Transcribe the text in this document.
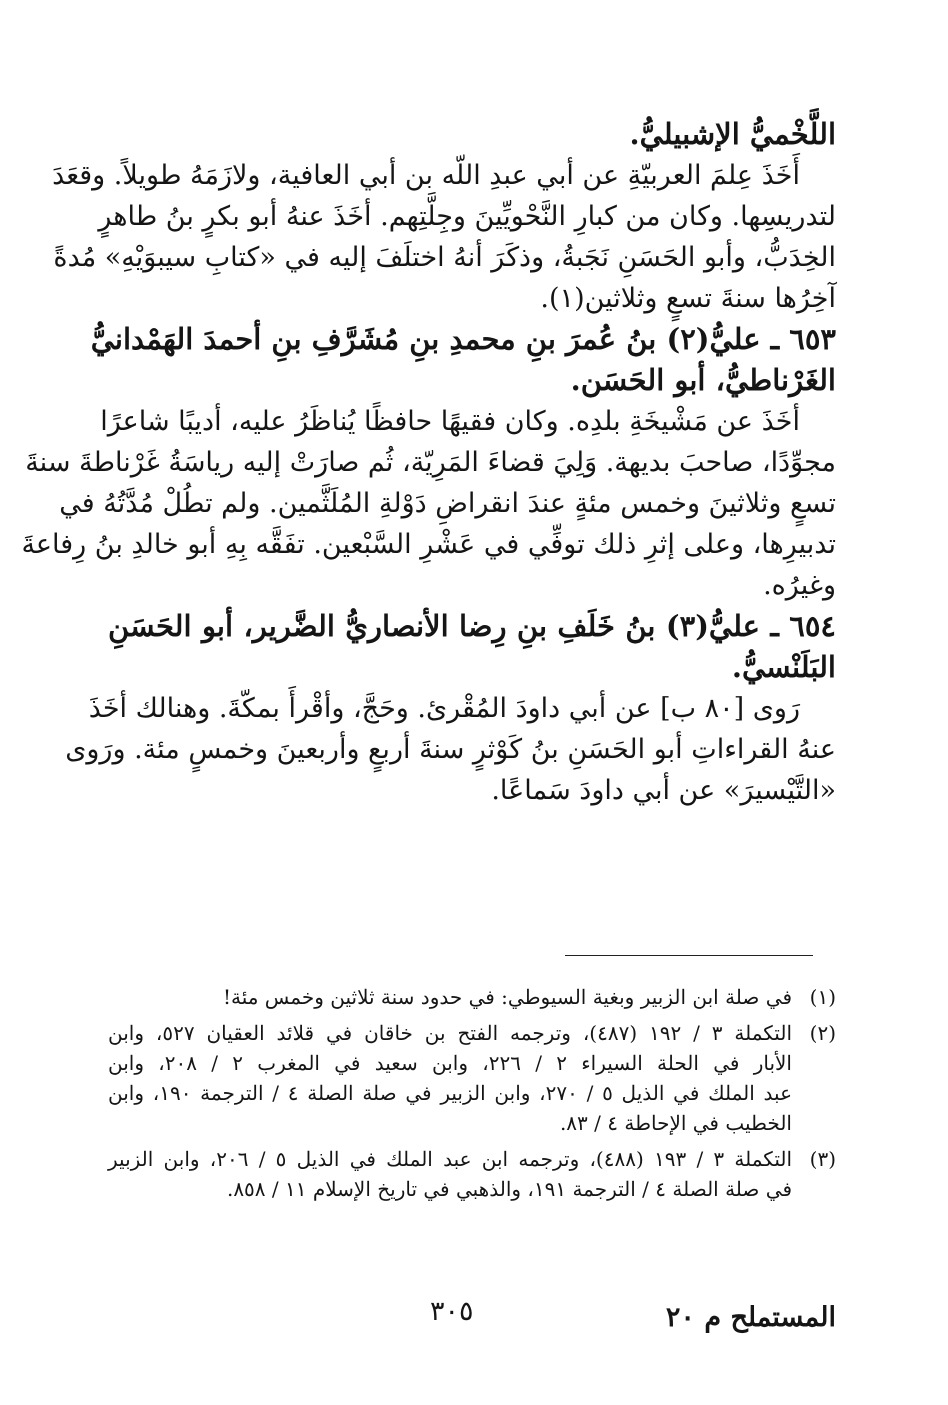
اللَّخْميُّ الإشبيليُّ.

أَخَذَ عِلمَ العربيّةِ عن أبي عبدِ اللّه بن أبي العافية، ولازَمَهُ طويلاً. وقعَدَ

لتدريسِها. وكان من كبارِ النَّحْويِّينَ وجِلَّتِهم. أخَذَ عنهُ أبو بكرٍ بنُ طاهرٍ

الخِدَبُّ، وأبو الحَسَنِ نَجَبةُ، وذكَرَ أنهُ اختلَفَ إليه في «كتابِ سيبوَيْهِ» مُدةً

آخِرُها سنةَ تسعٍ وثلاثين(١).

٦٥٣ ـ عليُّ(٢) بنُ عُمرَ بنِ محمدِ بنِ مُشَرَّفِ بنِ أحمدَ الهَمْدانيُّ

الغَرْناطيُّ، أبو الحَسَن.

أخَذَ عن مَشْيخَةِ بلدِه. وكان فقيهًا حافظًا يُناظَرُ عليه، أديبًا شاعرًا

مجوِّدًا، صاحبَ بديهة. وَلِيَ قضاءَ المَرِيّة، ثُم صارَتْ إليه رياسَةُ غَرْناطةَ سنةَ

تسعٍ وثلاثينَ وخمس مئةٍ عندَ انقراضِ دَوْلةِ المُلَثَّمين. ولم تطُلْ مُدَّتُهُ في

تدبيرِها، وعلى إثرِ ذلك توفِّي في عَشْرِ السَّبْعين. تفَقَّه بِهِ أبو خالدِ بنُ رِفاعةَ

وغيرُه.

٦٥٤ ـ عليُّ(٣) بنُ خَلَفِ بنِ رِضا الأنصاريُّ الضَّرير، أبو الحَسَنِ

البَلَنْسيُّ.

رَوى [٨٠ ب] عن أبي داودَ المُقْرئ. وحَجَّ، وأقْرأَ بمكّةَ. وهنالك أخَذَ

عنهُ القراءاتِ أبو الحَسَنِ بنُ كَوْثرٍ سنةَ أربعٍ وأربعينَ وخمسٍ مئة. ورَوى

«التَّيْسيرَ» عن أبي داودَ سَماعًا.

(١)
في صلة ابن الزبير وبغية السيوطي: في حدود سنة ثلاثين وخمس مئة!

(٢)
التكملة ٣ / ١٩٢ (٤٨٧)، وترجمه الفتح بن خاقان في قلائد العقيان ٥٢٧، وابن

الأبار في الحلة السيراء ٢ / ٢٢٦، وابن سعيد في المغرب ٢ / ٢٠٨، وابن

عبد الملك في الذيل ٥ / ٢٧٠، وابن الزبير في صلة الصلة ٤ / الترجمة ١٩٠، وابن

الخطيب في الإحاطة ٤ / ٨٣.

(٣)
التكملة ٣ / ١٩٣ (٤٨٨)، وترجمه ابن عبد الملك في الذيل ٥ / ٢٠٦، وابن الزبير

في صلة الصلة ٤ / الترجمة ١٩١، والذهبي في تاريخ الإسلام ١١ / ٨٥٨.

المستملح م ٢٠
٣٠٥
